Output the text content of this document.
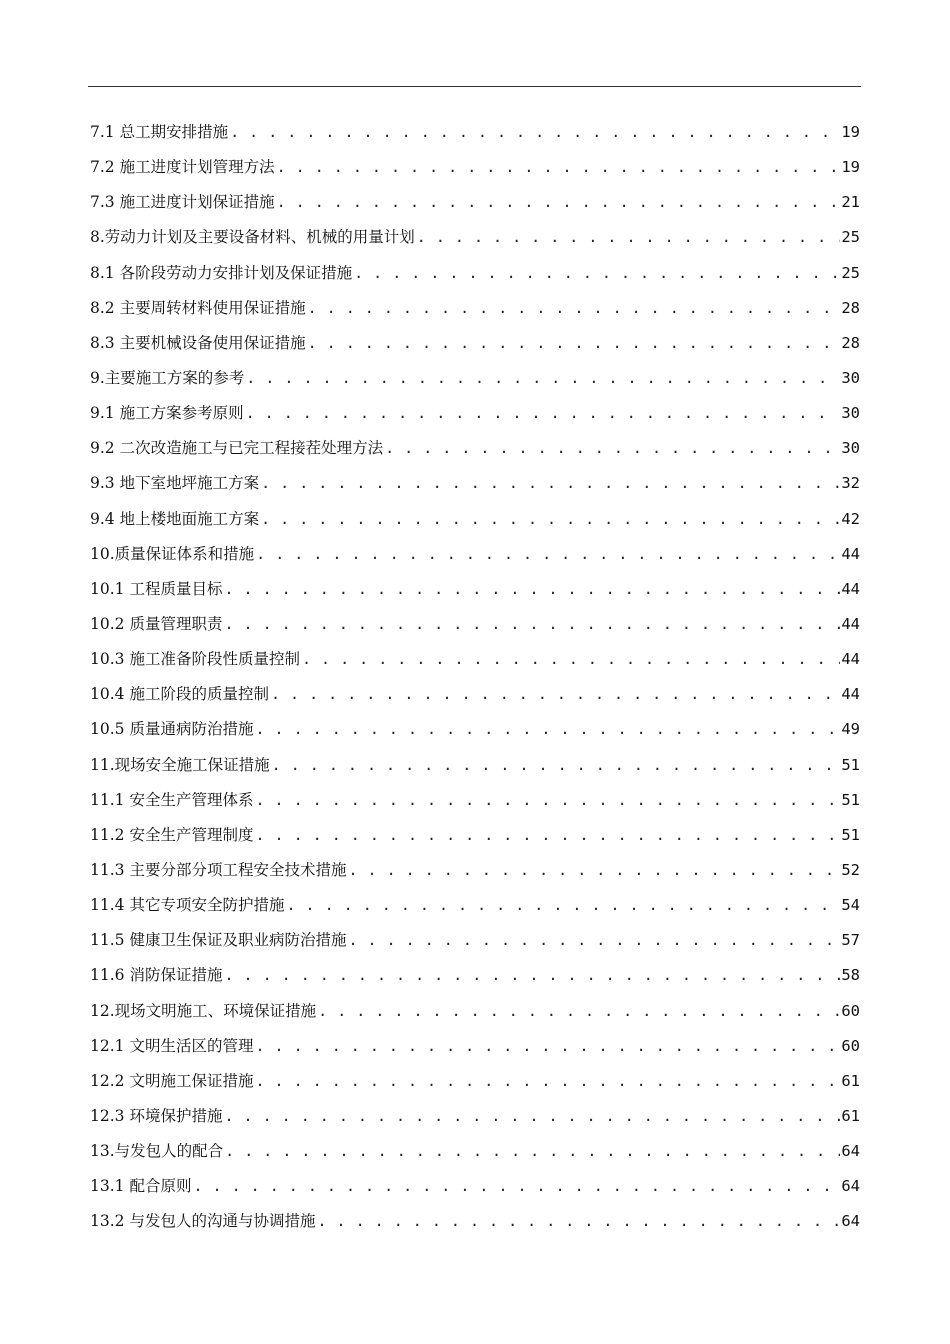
7.1 总工期安排措施 . . .	19
7.2 施工进度计划管理方法 . . .	19
7.3 施工进度计划保证措施 . . .	21
8.劳动力计划及主要设备材料、机械的用量计划 . . .	25
8.1 各阶段劳动力安排计划及保证措施 . . .	25
8.2 主要周转材料使用保证措施 . . .	28
8.3 主要机械设备使用保证措施 . . .	28
9.主要施工方案的参考 . . .	30
9.1 施工方案参考原则 . . .	30
9.2 二次改造施工与已完工程接茬处理方法 . . .	30
9.3 地下室地坪施工方案 . . .	32
9.4 地上楼地面施工方案 . . .	42
10.质量保证体系和措施 . . .	44
10.1 工程质量目标 . . .	44
10.2 质量管理职责 . . .	44
10.3 施工准备阶段性质量控制 . . .	44
10.4 施工阶段的质量控制 . . .	44
10.5 质量通病防治措施 . . .	49
11.现场安全施工保证措施 . . .	51
11.1 安全生产管理体系 . . .	51
11.2 安全生产管理制度 . . .	51
11.3 主要分部分项工程安全技术措施 . . .	52
11.4 其它专项安全防护措施 . . .	54
11.5 健康卫生保证及职业病防治措施 . . .	57
11.6 消防保证措施 . . .	58
12.现场文明施工、环境保证措施 . . .	60
12.1 文明生活区的管理 . . .	60
12.2 文明施工保证措施 . . .	61
12.3 环境保护措施 . . .	61
13.与发包人的配合 . . .	64
13.1 配合原则 . . .	64
13.2 与发包人的沟通与协调措施 . . .	64
